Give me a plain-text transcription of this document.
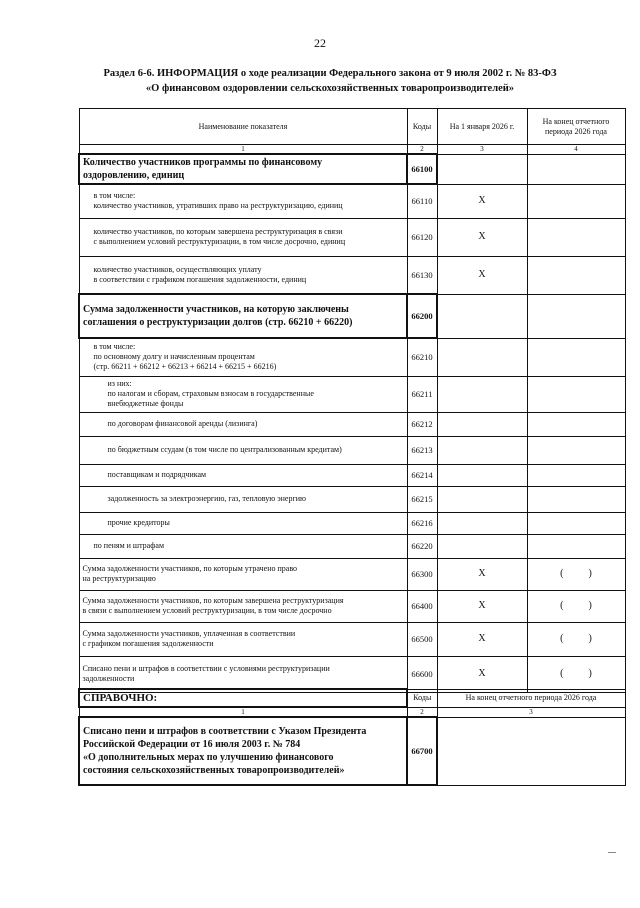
22
Раздел 6-6. ИНФОРМАЦИЯ о ходе реализации Федерального закона от 9 июля 2002 г. № 83-ФЗ
«О финансовом оздоровлении сельскохозяйственных товаропроизводителей»
Наименование показателя	Коды	На 1 января 2026 г.	На конец отчетного
периода 2026 года
1	2	3	4
Количество участников программы по финансовому
оздоровлению, единиц	66100		
в том числе:
количество участников, утративших право на реструктуризацию, единиц	66110	X	
количество участников, по которым завершена реструктуризация в связи
с выполнением условий реструктуризации, в том числе досрочно, единиц	66120	X	
количество участников, осуществляющих уплату
в соответствии с графиком погашения задолженности, единиц	66130	X	
Сумма задолженности участников, на которую заключены
соглашения о реструктуризации долгов (стр. 66210 + 66220)	66200		
в том числе:
по основному долгу и начисленным процентам
(стр. 66211 + 66212 + 66213 + 66214 + 66215 + 66216)	66210		
из них:
по налогам и сборам, страховым взносам в государственные
внебюджетные фонды	66211		
по договорам финансовой аренды (лизинга)	66212		
по бюджетным ссудам (в том числе по централизованным кредитам)	66213		
поставщикам и подрядчикам	66214		
задолженность за электроэнергию, газ, тепловую энергию	66215		
прочие кредиторы	66216		
по пеням и штрафам	66220		
Сумма задолженности участников, по которым утрачено право
на реструктуризацию	66300	X	(          )
Сумма задолженности участников, по которым завершена реструктуризация
в связи с выполнением условий реструктуризации, в том числе досрочно	66400	X	(          )
Сумма задолженности участников, уплаченная в соответствии
с графиком погашения задолженности	66500	X	(          )
Списано пени и штрафов в соответствии с условиями реструктуризации
задолженности	66600	X	(          )
СПРАВОЧНО:	Коды	На конец отчетного периода 2026 года
1	2	3
Списано пени и штрафов в соответствии с Указом Президента
Российской Федерации от 16 июля 2003 г. № 784
«О дополнительных мерах по улучшению финансового
состояния сельскохозяйственных товаропроизводителей»	66700	
